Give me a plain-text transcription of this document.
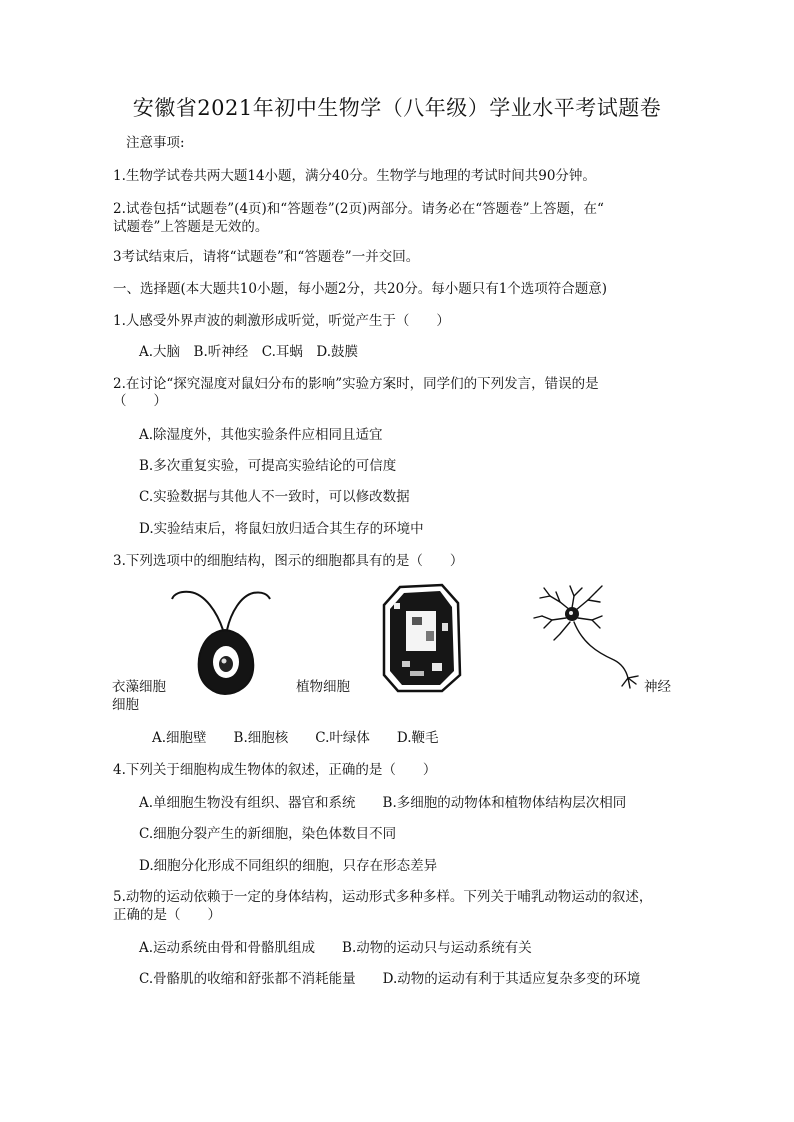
安徽省2021年初中生物学（八年级）学业水平考试题卷
注意事项:
1.生物学试卷共两大题14小题，满分40分。生物学与地理的考试时间共90分钟。
2.试卷包括“试题卷”(4页)和“答题卷”(2页)两部分。请务必在“答题卷”上答题，在“
试题卷”上答题是无效的。
3考试结束后，请将“试题卷”和“答题卷”一并交回。
一、选择题(本大题共10小题，每小题2分，共20分。每小题只有1个选项符合题意)
1.人感受外界声波的刺激形成听觉，听觉产生于（　　）
A.大脑　B.听神经　C.耳蜗　D.鼓膜
2.在讨论“探究湿度对鼠妇分布的影响”实验方案时，同学们的下列发言，错误的是
（　　）
A.除湿度外，其他实验条件应相同且适宜
B.多次重复实验，可提高实验结论的可信度
C.实验数据与其他人不一致时，可以修改数据
D.实验结束后，将鼠妇放归适合其生存的环境中
3.下列选项中的细胞结构，图示的细胞都具有的是（　　）
衣藻细胞
细胞
植物细胞	神经
A.细胞壁　　B.细胞核　　C.叶绿体　　D.鞭毛
4.下列关于细胞构成生物体的叙述，正确的是（　　）
A.单细胞生物没有组织、器官和系统　　B.多细胞的动物体和植物体结构层次相同
C.细胞分裂产生的新细胞，染色体数目不同
D.细胞分化形成不同组织的细胞，只存在形态差异
5.动物的运动依赖于一定的身体结构，运动形式多种多样。下列关于哺乳动物运动的叙述，
正确的是（　　）
A.运动系统由骨和骨骼肌组成　　B.动物的运动只与运动系统有关
C.骨骼肌的收缩和舒张都不消耗能量　　D.动物的运动有利于其适应复杂多变的环境
